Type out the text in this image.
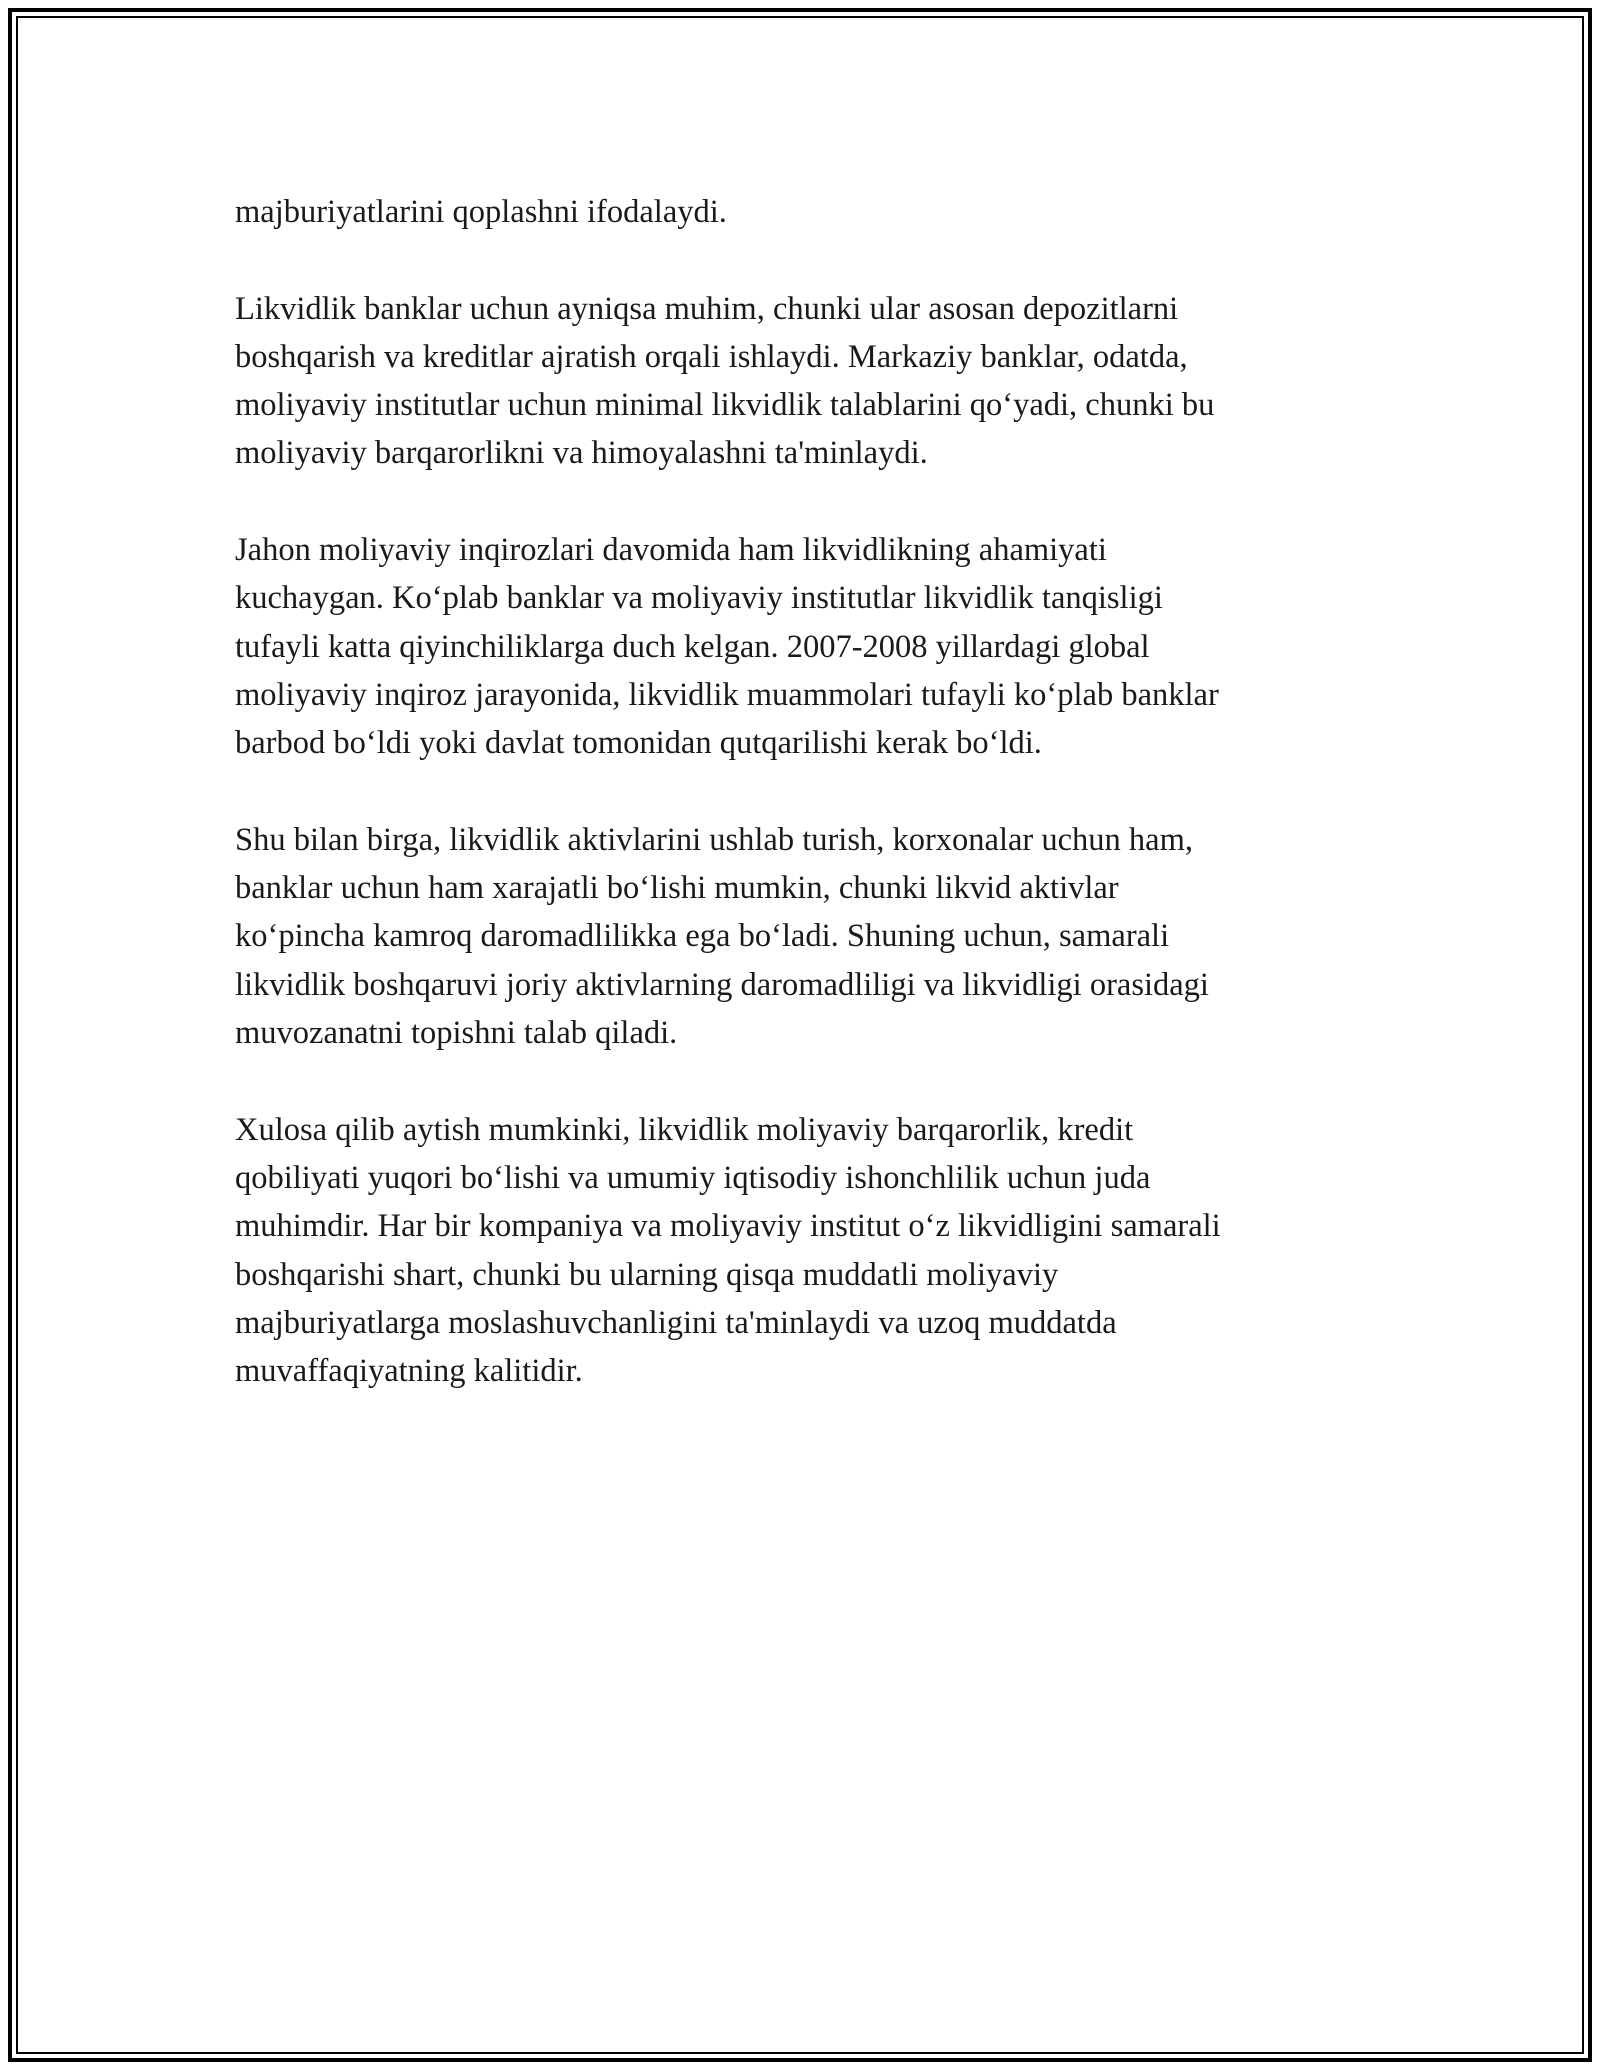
majburiyatlarini qoplashni ifodalaydi.

Likvidlik banklar uchun ayniqsa muhim, chunki ular asosan depozitlarni
boshqarish va kreditlar ajratish orqali ishlaydi. Markaziy banklar, odatda,
moliyaviy institutlar uchun minimal likvidlik talablarini qo‘yadi, chunki bu
moliyaviy barqarorlikni va himoyalashni ta'minlaydi.

Jahon moliyaviy inqirozlari davomida ham likvidlikning ahamiyati
kuchaygan. Ko‘plab banklar va moliyaviy institutlar likvidlik tanqisligi
tufayli katta qiyinchiliklarga duch kelgan. 2007-2008 yillardagi global
moliyaviy inqiroz jarayonida, likvidlik muammolari tufayli ko‘plab banklar
barbod bo‘ldi yoki davlat tomonidan qutqarilishi kerak bo‘ldi.

Shu bilan birga, likvidlik aktivlarini ushlab turish, korxonalar uchun ham,
banklar uchun ham xarajatli bo‘lishi mumkin, chunki likvid aktivlar
ko‘pincha kamroq daromadlilikka ega bo‘ladi. Shuning uchun, samarali
likvidlik boshqaruvi joriy aktivlarning daromadliligi va likvidligi orasidagi
muvozanatni topishni talab qiladi.

Xulosa qilib aytish mumkinki, likvidlik moliyaviy barqarorlik, kredit
qobiliyati yuqori bo‘lishi va umumiy iqtisodiy ishonchlilik uchun juda
muhimdir. Har bir kompaniya va moliyaviy institut o‘z likvidligini samarali
boshqarishi shart, chunki bu ularning qisqa muddatli moliyaviy
majburiyatlarga moslashuvchanligini ta'minlaydi va uzoq muddatda
muvaffaqiyatning kalitidir.
